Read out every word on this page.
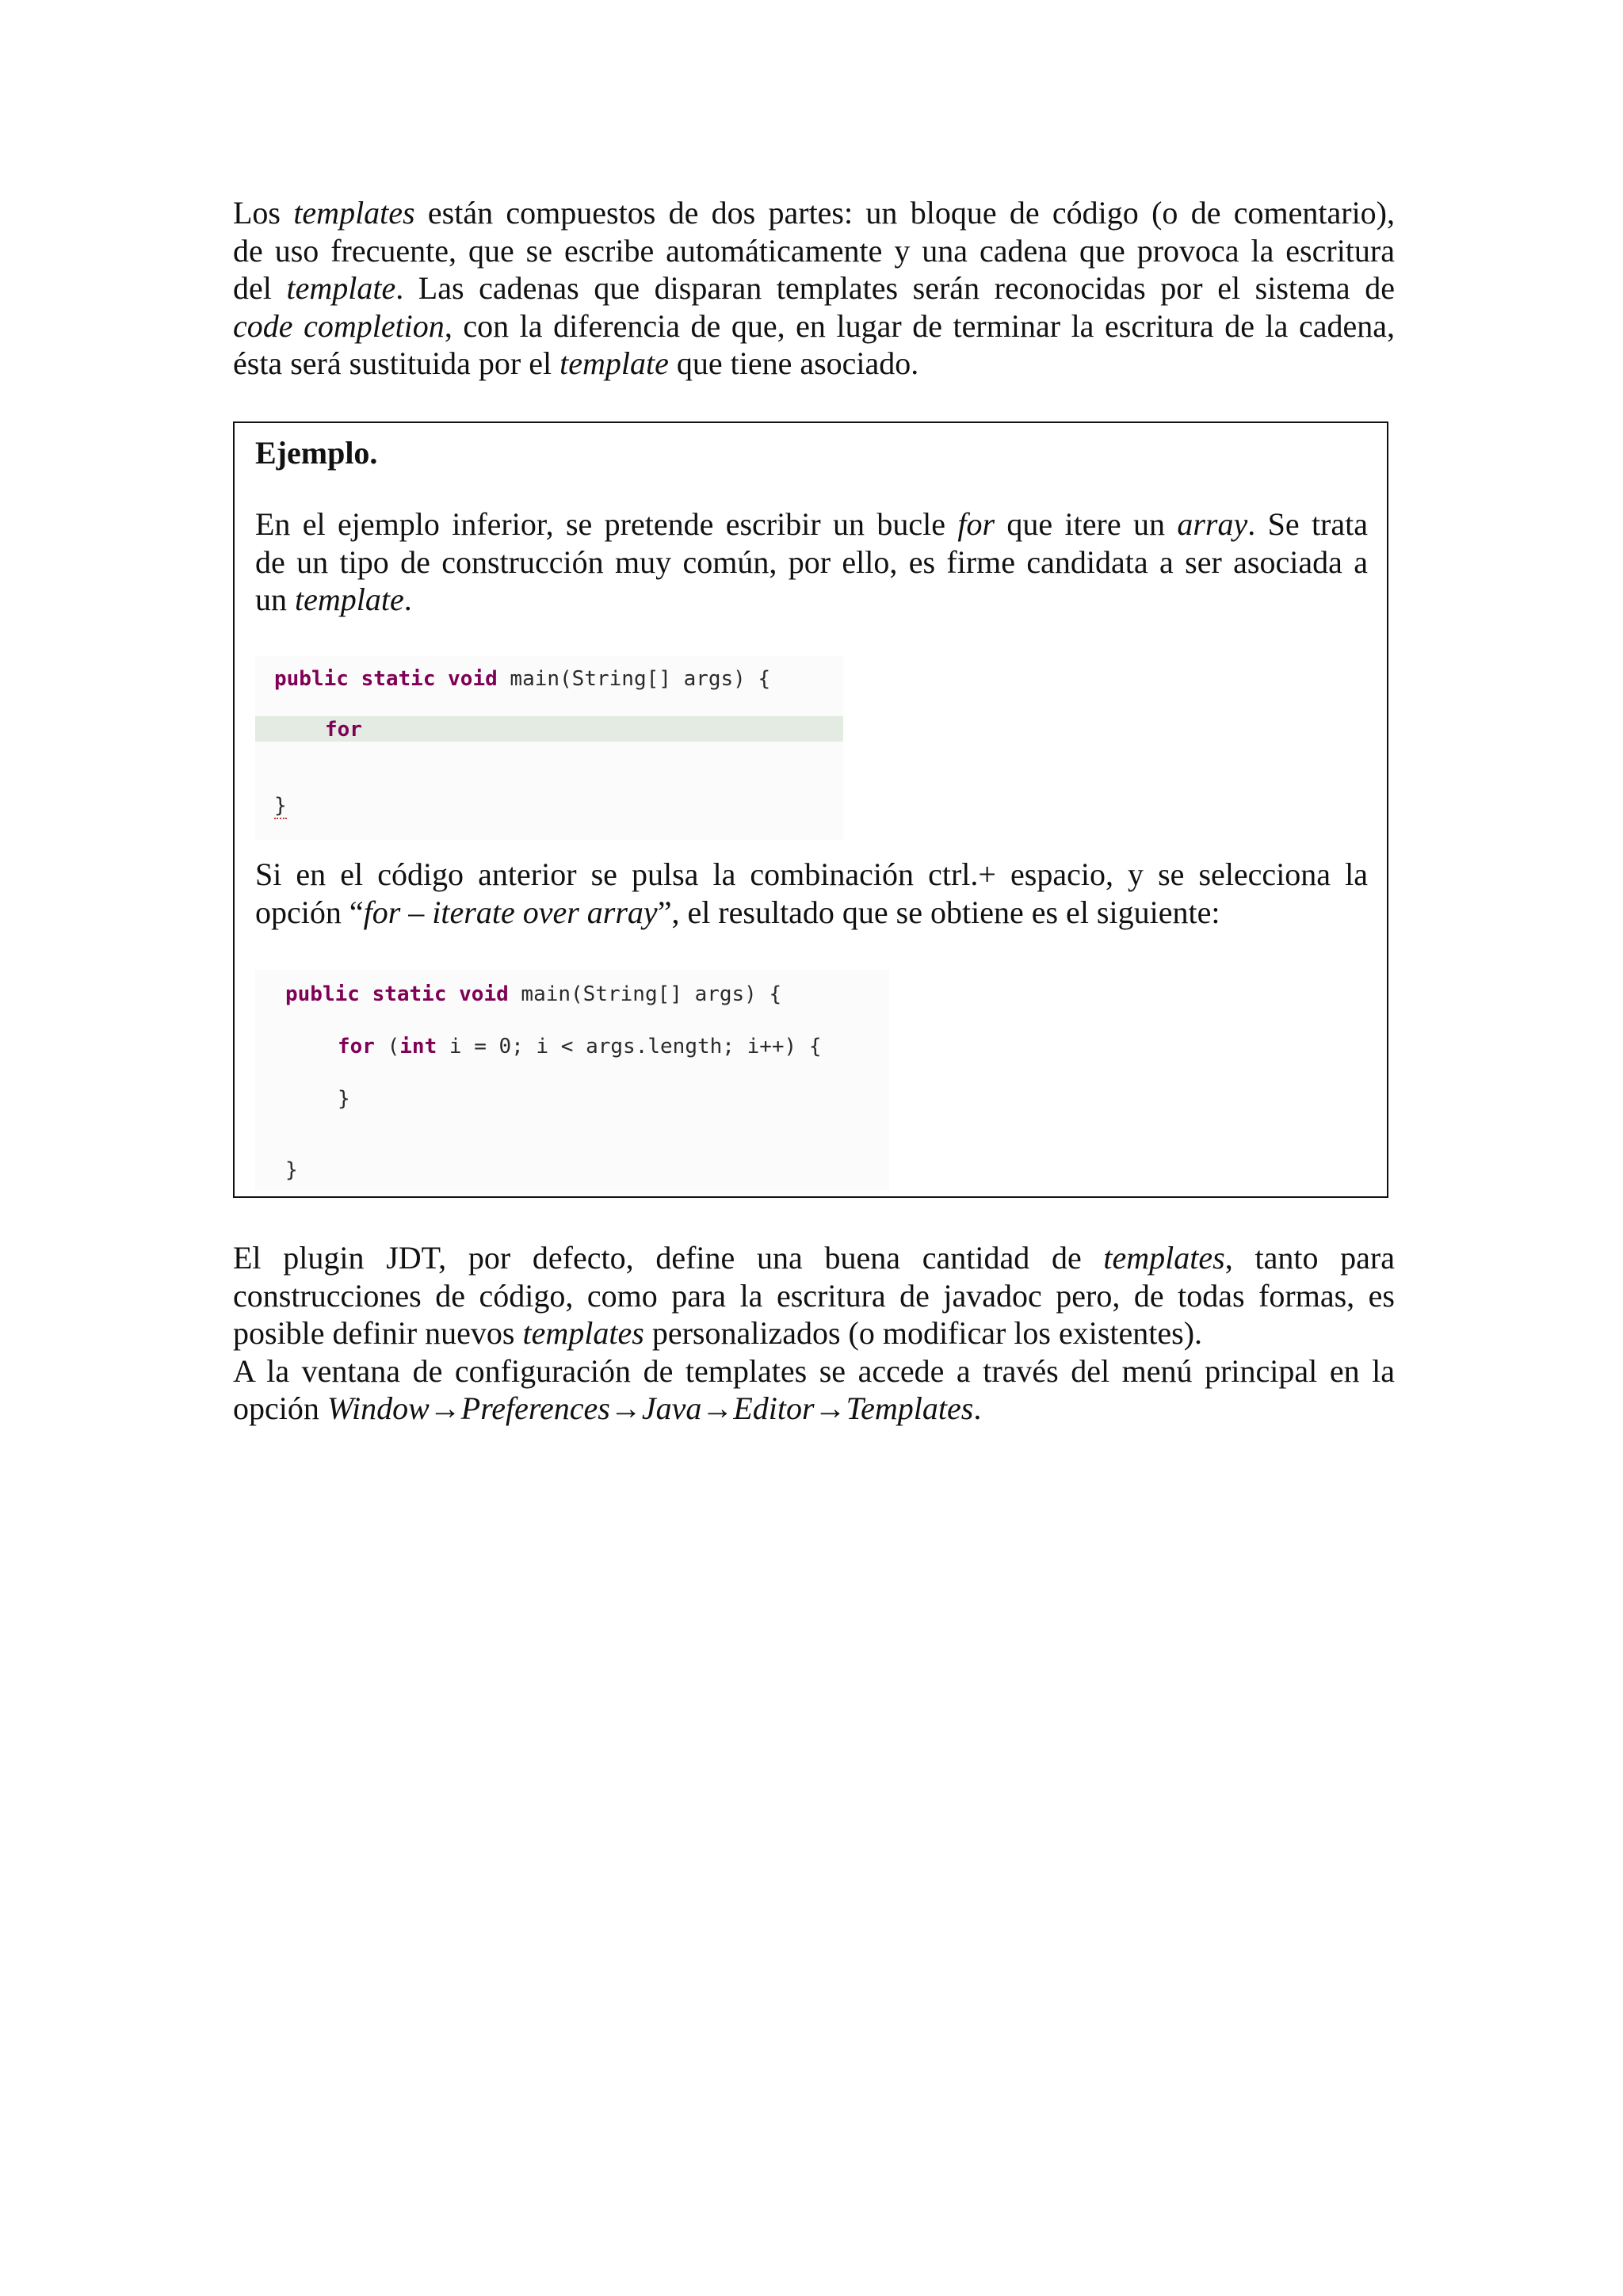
Los templates están compuestos de dos partes: un bloque de código (o de comentario),
de uso frecuente, que se escribe automáticamente y una cadena que provoca la escritura
del template. Las cadenas que disparan templates serán reconocidas por el sistema de
code completion, con la diferencia de que, en lugar de terminar la escritura de la cadena,
ésta será sustituida por el template que tiene asociado.

Ejemplo.

En el ejemplo inferior, se pretende escribir un bucle for que itere un array. Se trata
de un tipo de construcción muy común, por ello, es firme candidata a ser asociada a
un template.
public static void main(String[] args) {
for
}
Si en el código anterior se pulsa la combinación ctrl.+ espacio, y se selecciona la
opción “for – iterate over array”, el resultado que se obtiene es el siguiente:
public static void main(String[] args) {
for (int i = 0; i < args.length; i++) {
}
}
El plugin JDT, por defecto, define una buena cantidad de templates, tanto para
construcciones de código, como para la escritura de javadoc pero, de todas formas, es
posible definir nuevos templates personalizados (o modificar los existentes).
A la ventana de configuración de templates se accede a través del menú principal en la
opción Window→Preferences→Java→Editor→Templates.
